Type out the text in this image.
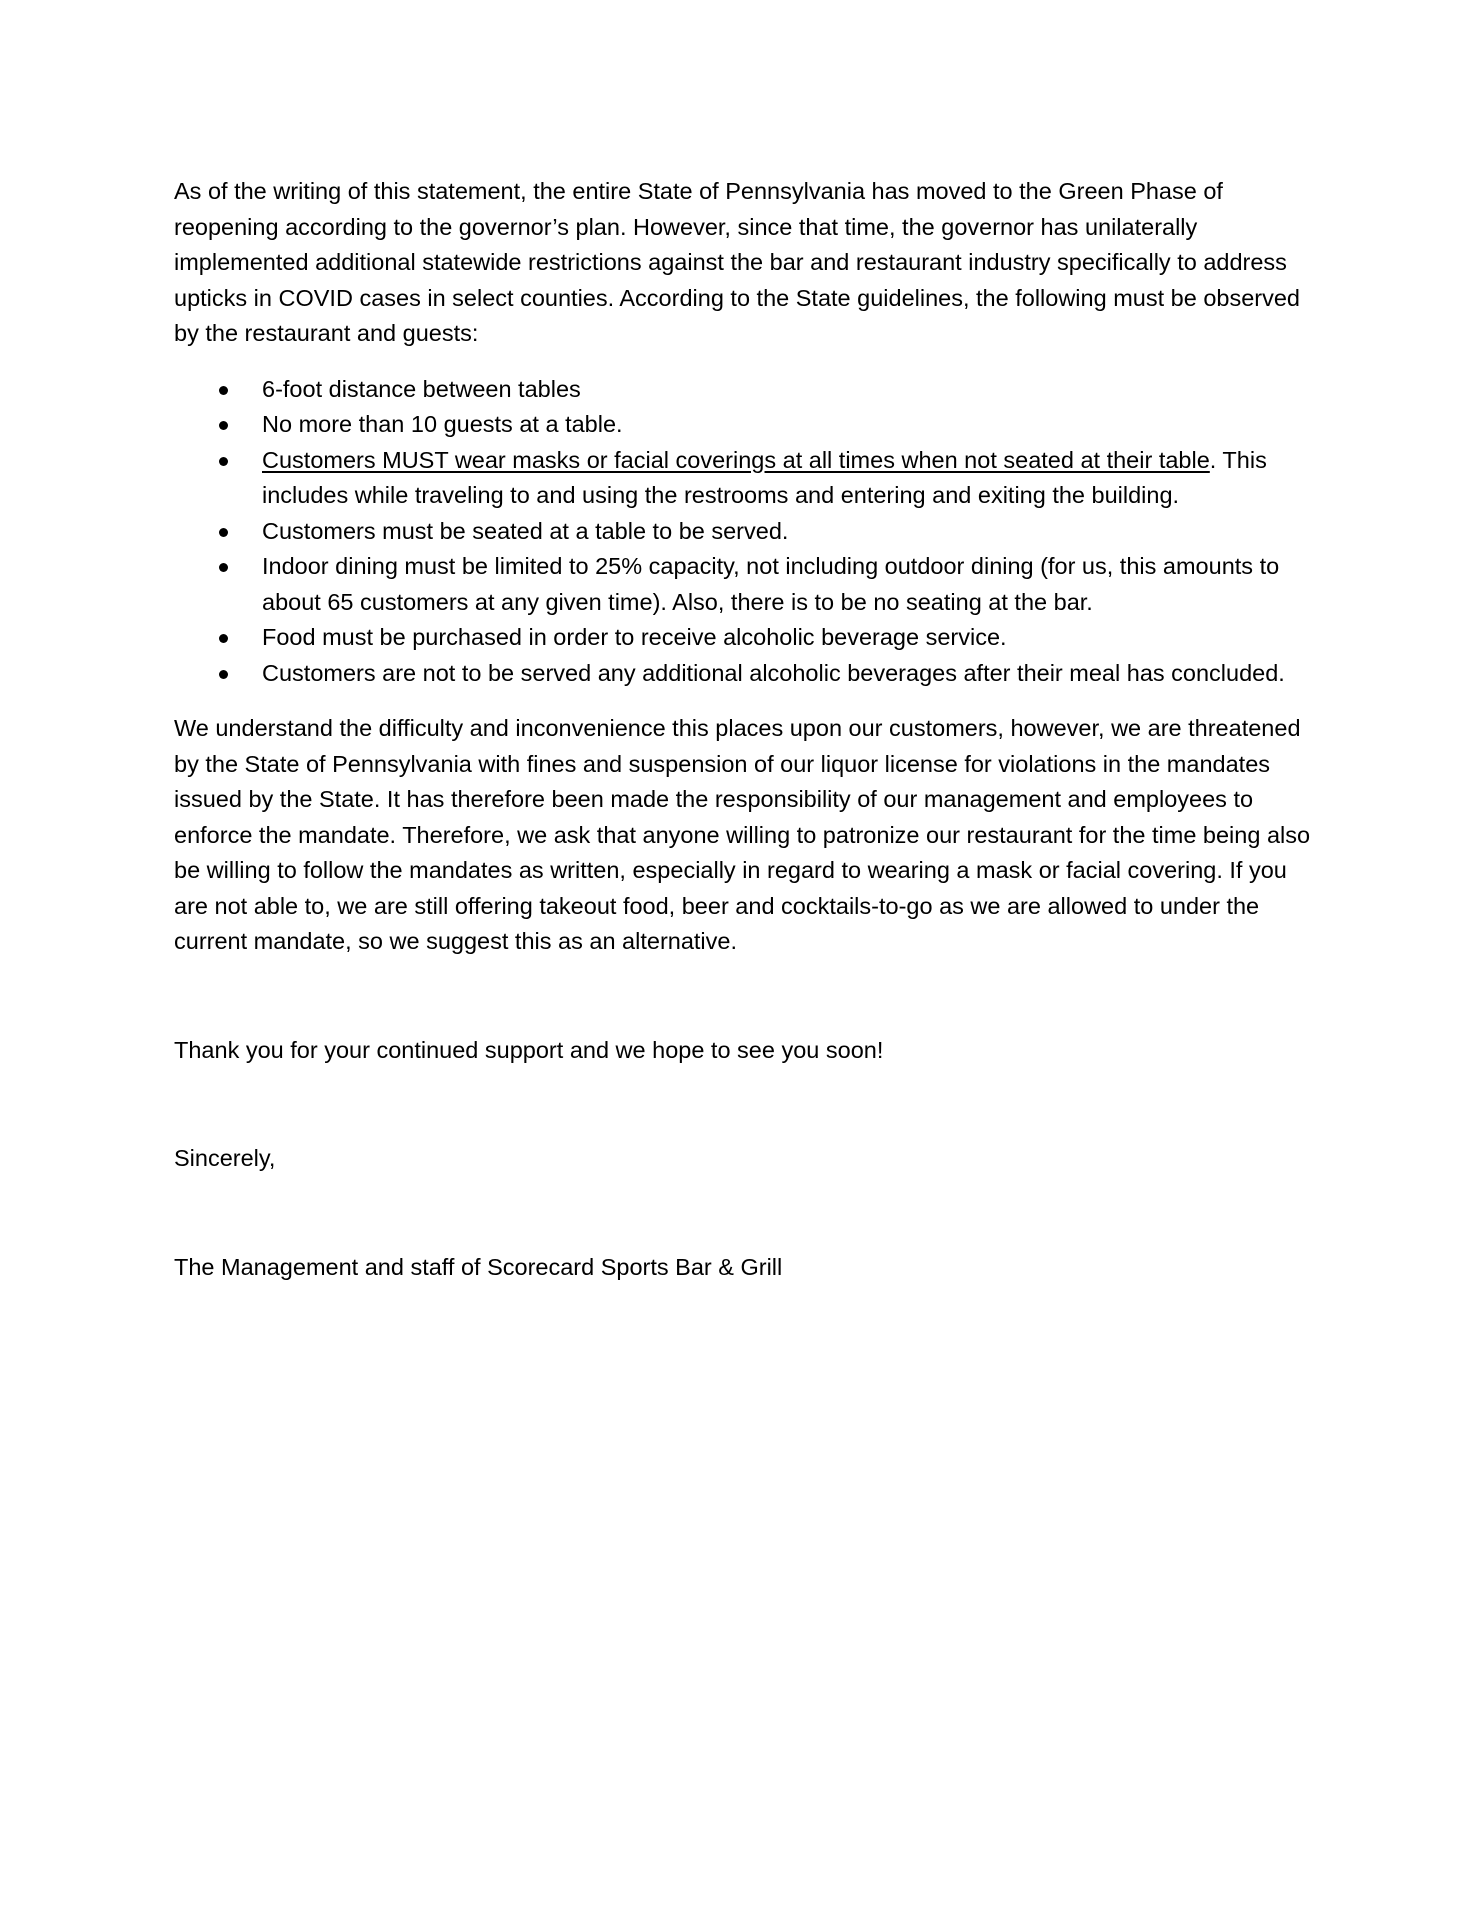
As of the writing of this statement, the entire State of Pennsylvania has moved to the Green Phase of reopening according to the governor’s plan. However, since that time, the governor has unilaterally implemented additional statewide restrictions against the bar and restaurant industry specifically to address upticks in COVID cases in select counties. According to the State guidelines, the following must be observed by the restaurant and guests:

6-foot distance between tables
No more than 10 guests at a table.
Customers MUST wear masks or facial coverings at all times when not seated at their table. This includes while traveling to and using the restrooms and entering and exiting the building.
Customers must be seated at a table to be served.
Indoor dining must be limited to 25% capacity, not including outdoor dining (for us, this amounts to about 65 customers at any given time). Also, there is to be no seating at the bar.
Food must be purchased in order to receive alcoholic beverage service.
Customers are not to be served any additional alcoholic beverages after their meal has concluded.

We understand the difficulty and inconvenience this places upon our customers, however, we are threatened by the State of Pennsylvania with fines and suspension of our liquor license for violations in the mandates issued by the State. It has therefore been made the responsibility of our management and employees to enforce the mandate. Therefore, we ask that anyone willing to patronize our restaurant for the time being also be willing to follow the mandates as written, especially in regard to wearing a mask or facial covering. If you are not able to, we are still offering takeout food, beer and cocktails-to-go as we are allowed to under the current mandate, so we suggest this as an alternative.

Thank you for your continued support and we hope to see you soon!

Sincerely,

The Management and staff of Scorecard Sports Bar & Grill
